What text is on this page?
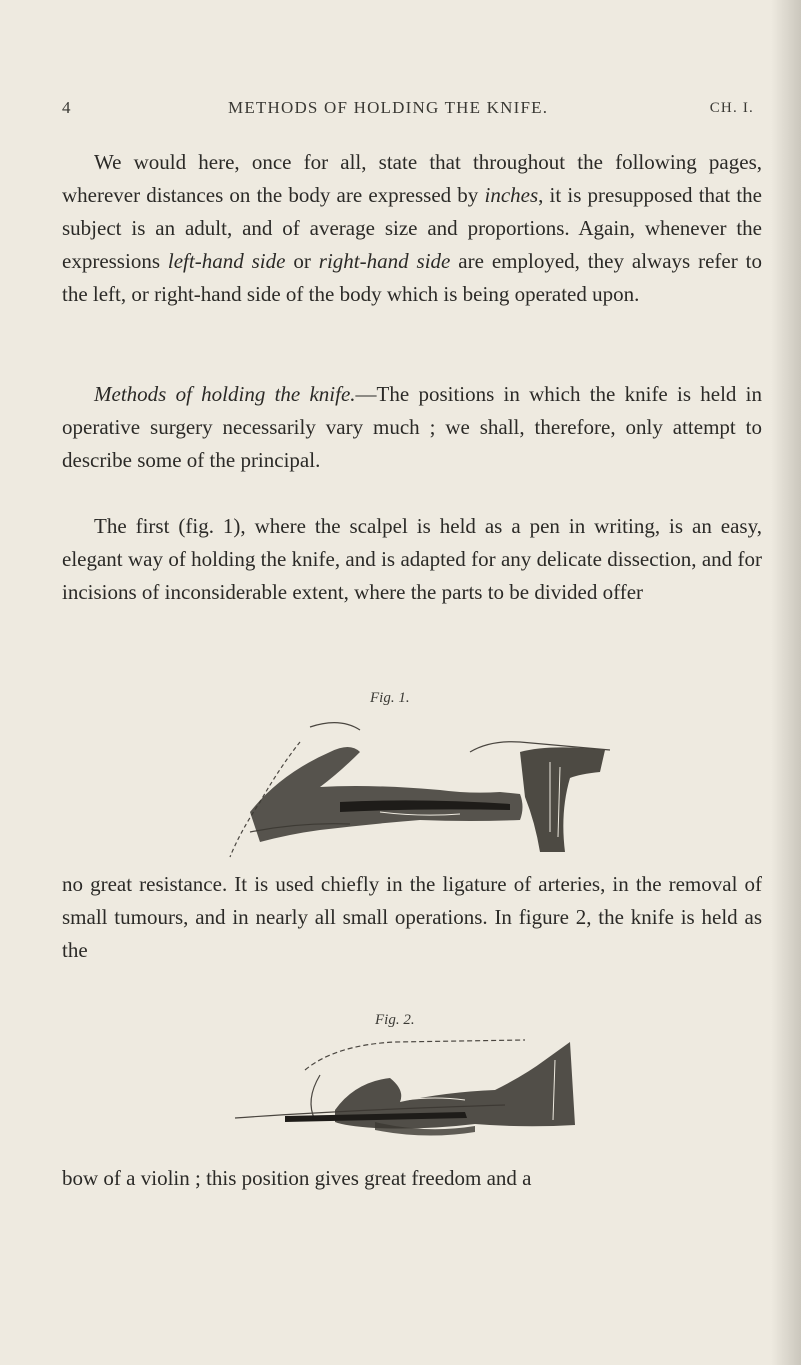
4	METHODS OF HOLDING THE KNIFE.	CH. I.

We would here, once for all, state that throughout the following pages, wherever distances on the body are expressed by inches, it is presupposed that the subject is an adult, and of average size and proportions. Again, whenever the expressions left-hand side or right-hand side are employed, they always refer to the left, or right-hand side of the body which is being operated upon.

Methods of holding the knife.—The positions in which the knife is held in operative surgery necessarily vary much ; we shall, therefore, only attempt to describe some of the principal.

The first (fig. 1), where the scalpel is held as a pen in writing, is an easy, elegant way of holding the knife, and is adapted for any delicate dissection, and for incisions of inconsiderable extent, where the parts to be divided offer

Fig. 1.

no great resistance. It is used chiefly in the ligature of arteries, in the removal of small tumours, and in nearly all small operations. In figure 2, the knife is held as the

Fig. 2.

bow of a violin ; this position gives great freedom and a
